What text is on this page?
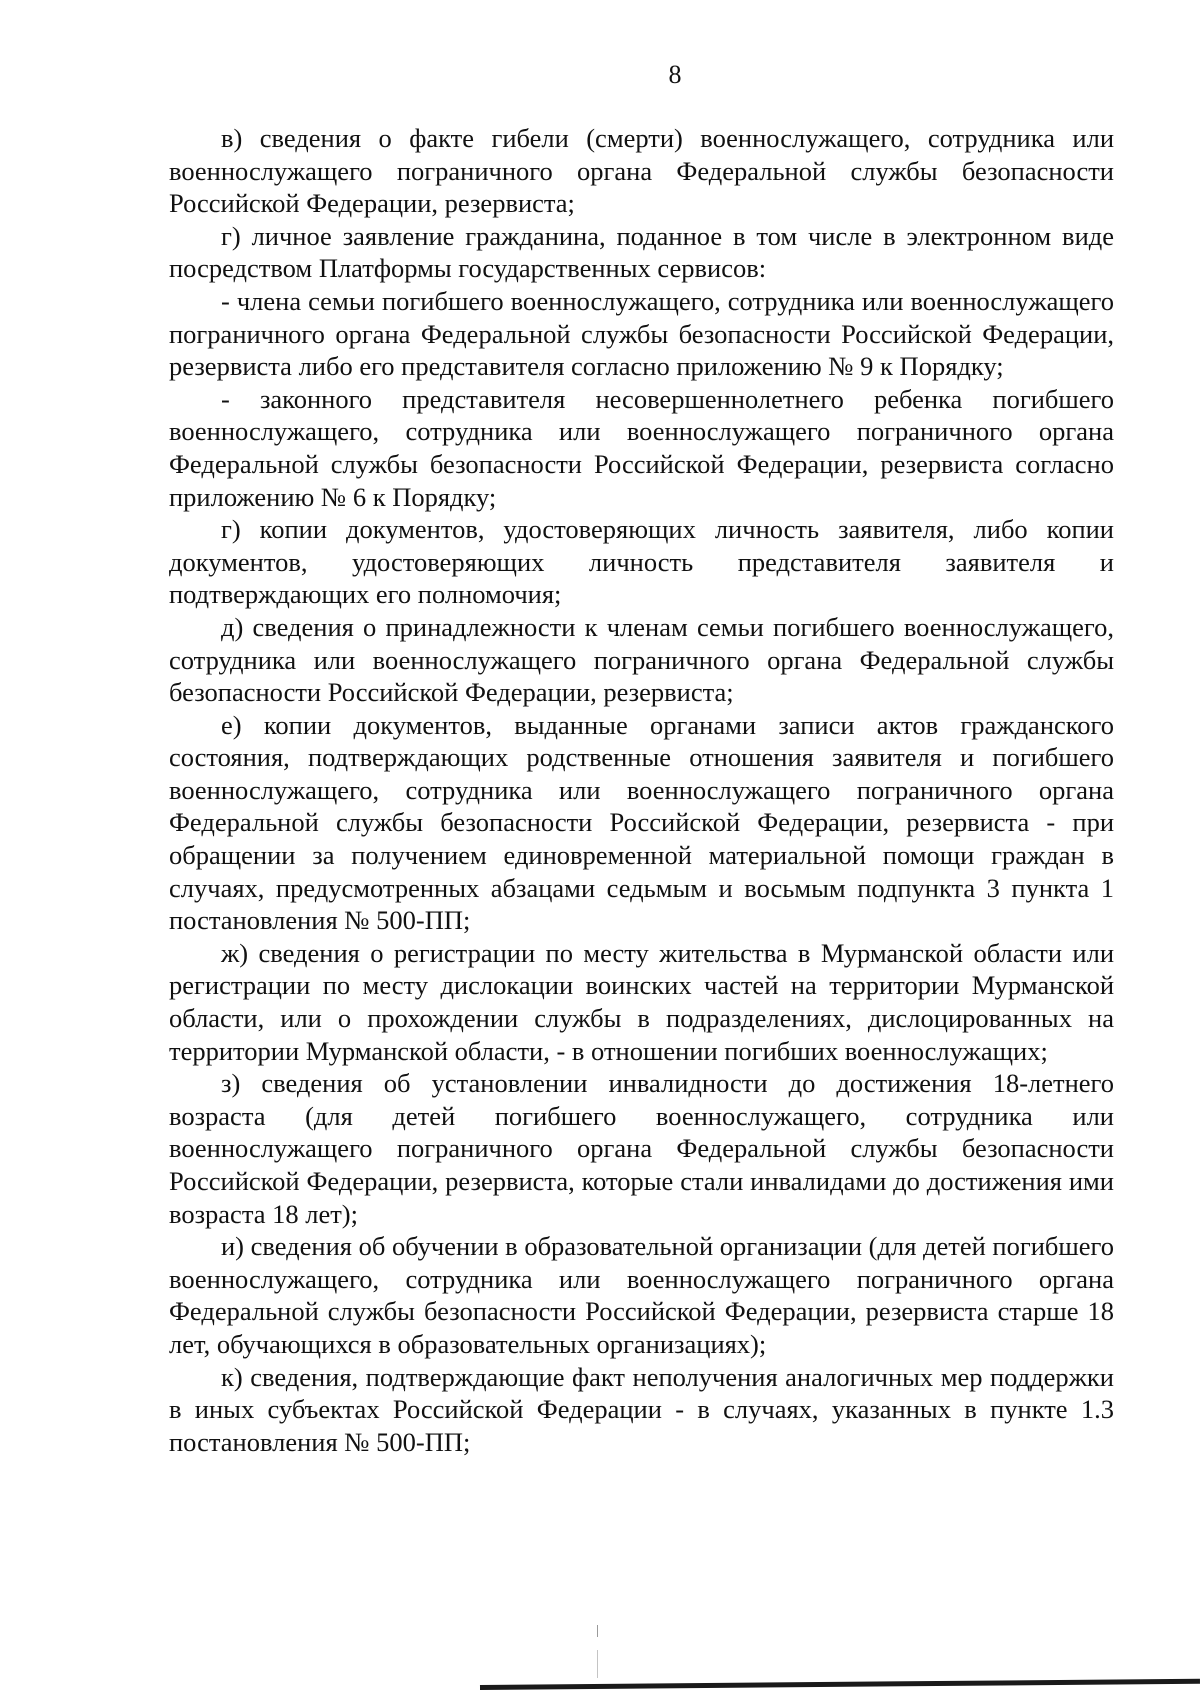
8

в) сведения о факте гибели (смерти) военнослужащего, сотрудника или военнослужащего пограничного органа Федеральной службы безопасности Российской Федерации, резервиста;

г) личное заявление гражданина, поданное в том числе в электронном виде посредством Платформы государственных сервисов:

- члена семьи погибшего военнослужащего, сотрудника или военнослужащего пограничного органа Федеральной службы безопасности Российской Федерации, резервиста либо его представителя согласно приложению № 9 к Порядку;

- законного представителя несовершеннолетнего ребенка погибшего военнослужащего, сотрудника или военнослужащего пограничного органа Федеральной службы безопасности Российской Федерации, резервиста согласно приложению № 6 к Порядку;

г) копии документов, удостоверяющих личность заявителя, либо копии документов, удостоверяющих личность представителя заявителя и подтверждающих его полномочия;

д) сведения о принадлежности к членам семьи погибшего военнослужащего, сотрудника или военнослужащего пограничного органа Федеральной службы безопасности Российской Федерации, резервиста;

е) копии документов, выданные органами записи актов гражданского состояния, подтверждающих родственные отношения заявителя и погибшего военнослужащего, сотрудника или военнослужащего пограничного органа Федеральной службы безопасности Российской Федерации, резервиста - при обращении за получением единовременной материальной помощи граждан в случаях, предусмотренных абзацами седьмым и восьмым подпункта 3 пункта 1 постановления № 500-ПП;

ж) сведения о регистрации по месту жительства в Мурманской области или регистрации по месту дислокации воинских частей на территории Мурманской области, или о прохождении службы в подразделениях, дислоцированных на территории Мурманской области, - в отношении погибших военнослужащих;

з) сведения об установлении инвалидности до достижения 18-летнего возраста (для детей погибшего военнослужащего, сотрудника или военнослужащего пограничного органа Федеральной службы безопасности Российской Федерации, резервиста, которые стали инвалидами до достижения ими возраста 18 лет);

и) сведения об обучении в образовательной организации (для детей погибшего военнослужащего, сотрудника или военнослужащего пограничного органа Федеральной службы безопасности Российской Федерации, резервиста старше 18 лет, обучающихся в образовательных организациях);

к) сведения, подтверждающие факт неполучения аналогичных мер поддержки в иных субъектах Российской Федерации - в случаях, указанных в пункте 1.3 постановления № 500-ПП;
